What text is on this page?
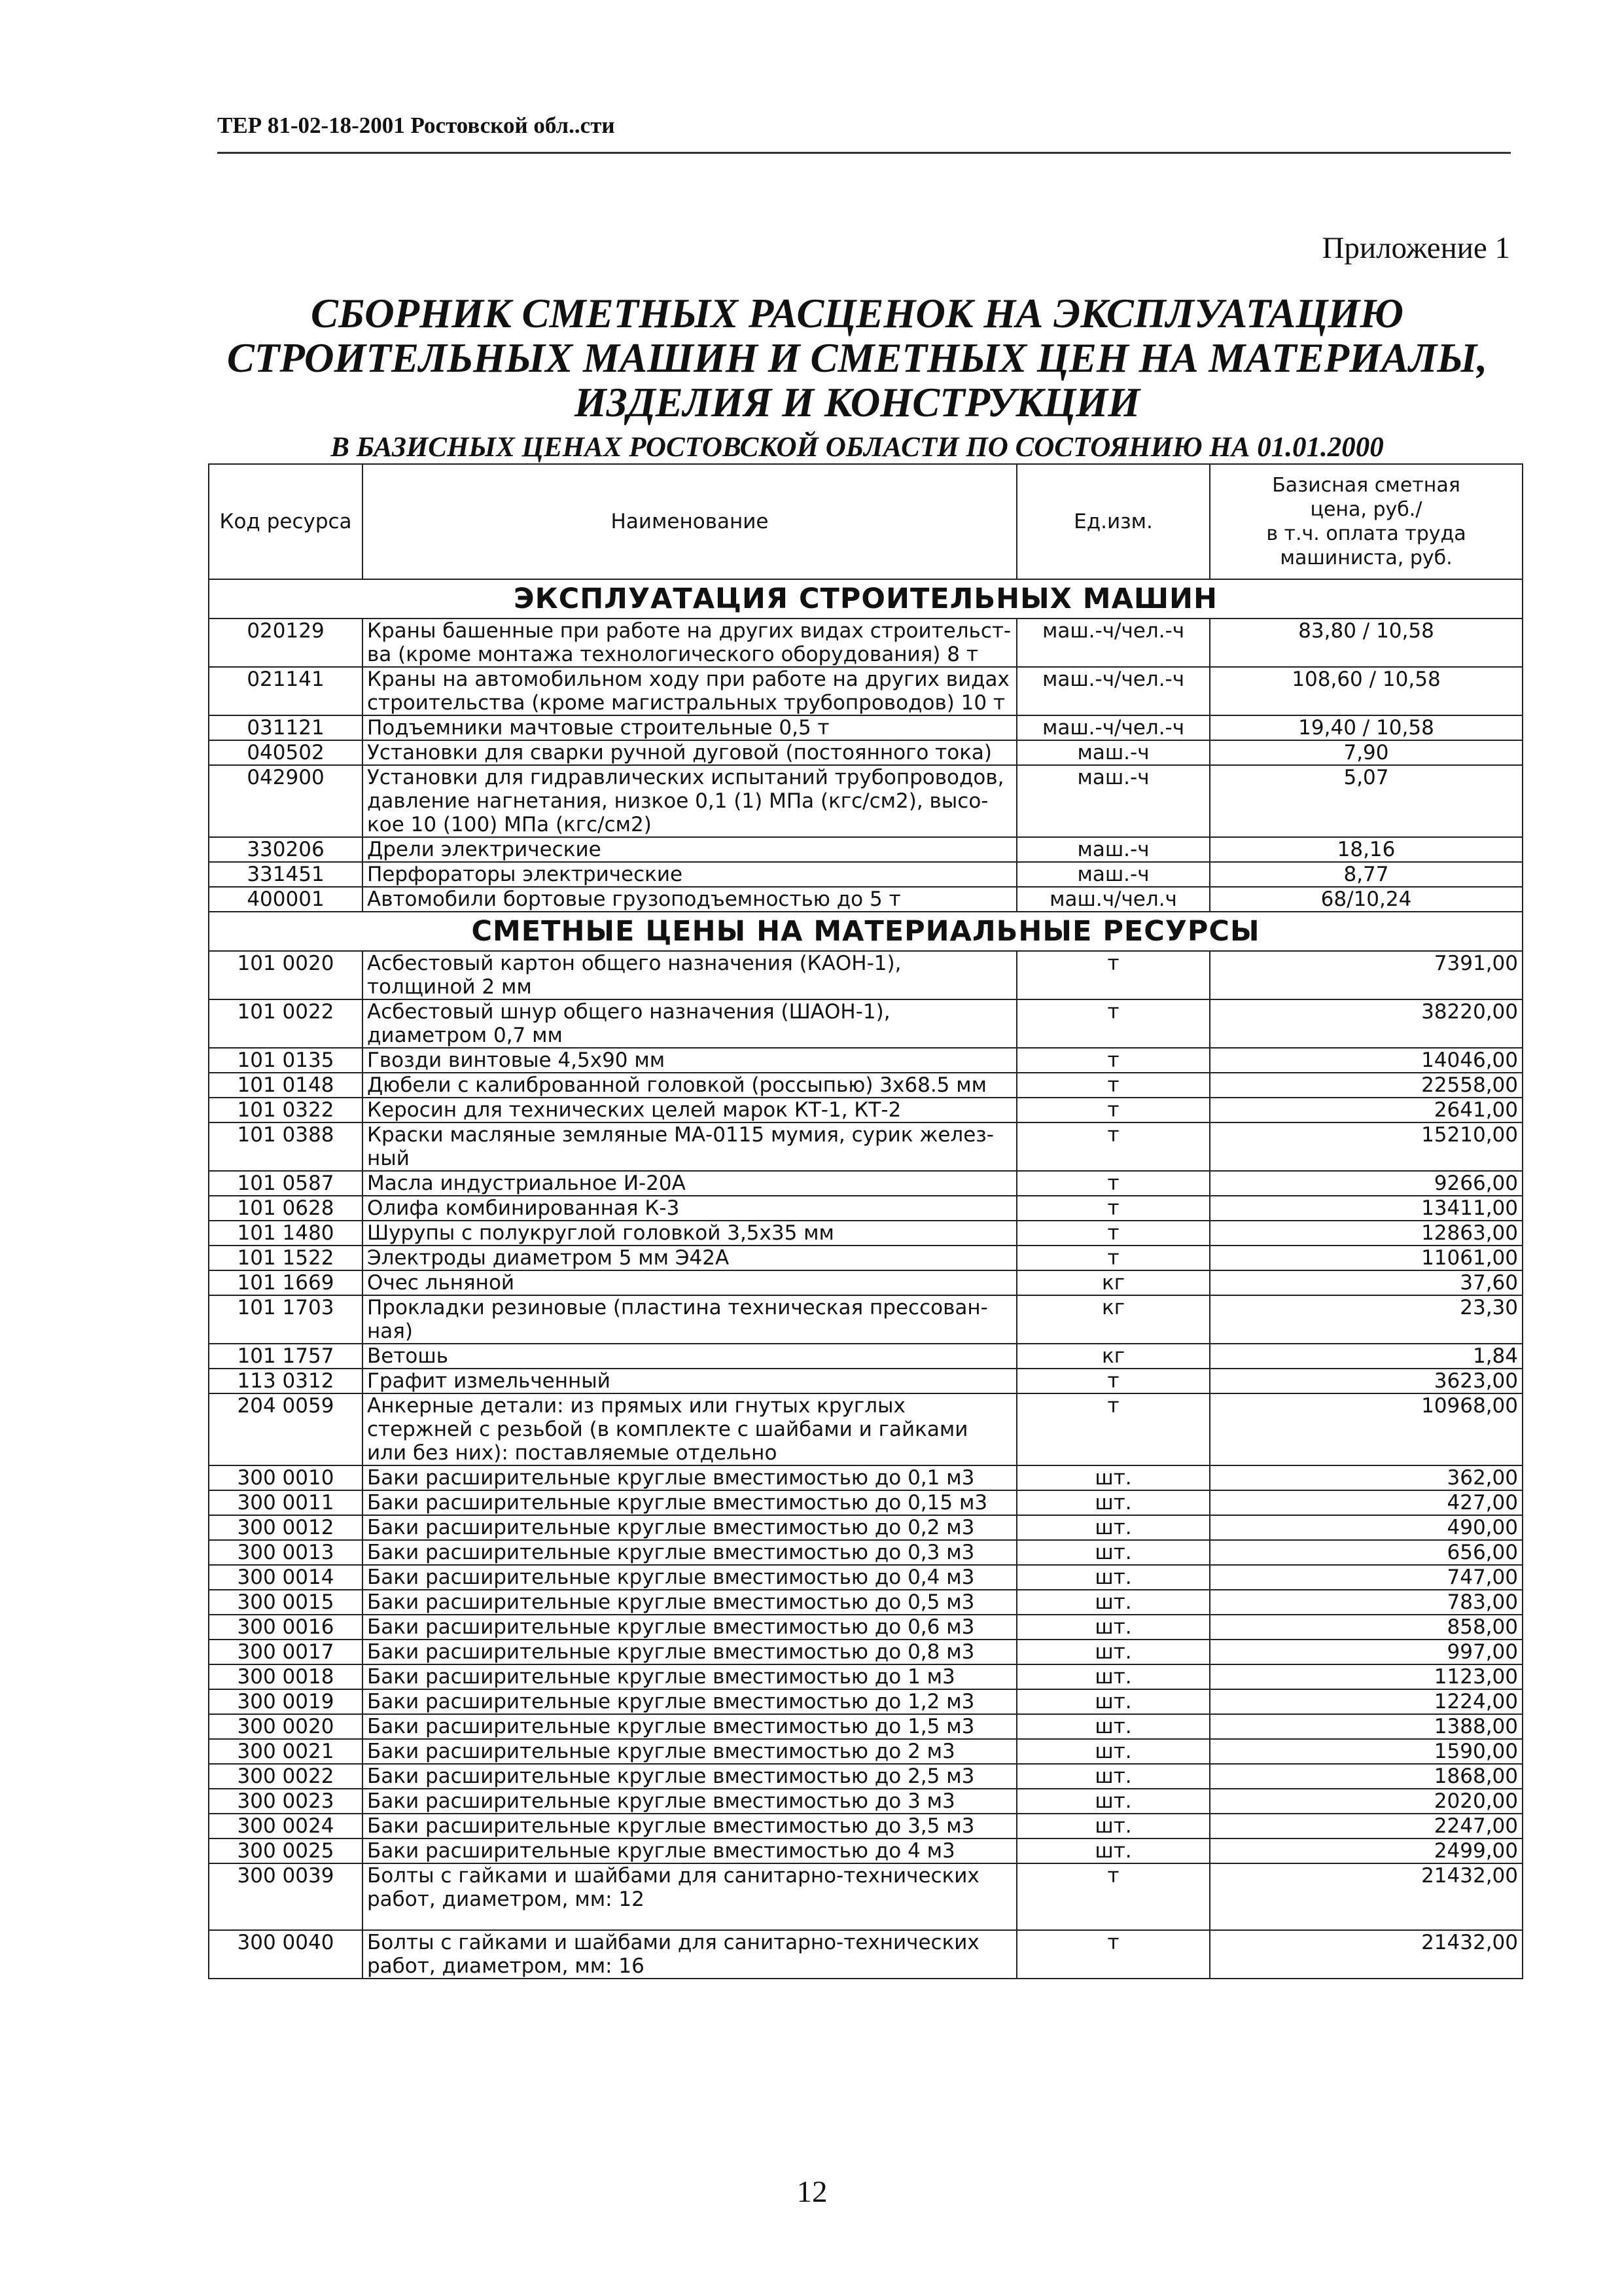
ТЕР 81-02-18-2001 Ростовской обл..сти
Приложение 1
СБОРНИК СМЕТНЫХ РАСЦЕНОК НА ЭКСПЛУАТАЦИЮ
СТРОИТЕЛЬНЫХ МАШИН И СМЕТНЫХ ЦЕН НА МАТЕРИАЛЫ,
ИЗДЕЛИЯ И КОНСТРУКЦИИ
В БАЗИСНЫХ ЦЕНАХ РОСТОВСКОЙ ОБЛАСТИ ПО СОСТОЯНИЮ НА 01.01.2000
Код ресурса	Наименование	Ед.изм.	Базисная сметная
цена, руб./
в т.ч. оплата труда
машиниста, руб.

ЭКСПЛУАТАЦИЯ СТРОИТЕЛЬНЫХ МАШИН			
020129	Краны башенные при работе на других видах строительст-ва (кроме монтажа технологического оборудования) 8 т	маш.-ч/чел.-ч	83,80 / 10,58
021141	Краны на автомобильном ходу при работе на других видах строительства (кроме магистральных трубопроводов) 10 т	маш.-ч/чел.-ч	108,60 / 10,58
031121	Подъемники мачтовые строительные 0,5 т	маш.-ч/чел.-ч	19,40 / 10,58
040502	Установки для сварки ручной дуговой (постоянного тока)	маш.-ч	7,90
042900	Установки для гидравлических испытаний трубопроводов, давление нагнетания, низкое 0,1 (1) МПа (кгс/см2), высо-кое 10 (100) МПа (кгс/см2)	маш.-ч	5,07
330206	Дрели электрические	маш.-ч	18,16
331451	Перфораторы электрические	маш.-ч	8,77
400001	Автомобили бортовые грузоподъемностью до 5 т	маш.ч/чел.ч	68/10,24
СМЕТНЫЕ ЦЕНЫ НА МАТЕРИАЛЬНЫЕ РЕСУРСЫ			
101 0020	Асбестовый картон общего назначения (КАОН-1), толщиной 2 мм	т	7391,00
101 0022	Асбестовый шнур общего назначения (ШАОН-1), диаметром 0,7 мм	т	38220,00
101 0135	Гвозди винтовые 4,5х90 мм	т	14046,00
101 0148	Дюбели с калиброванной головкой (россыпью) 3х68.5 мм	т	22558,00
101 0322	Керосин для технических целей марок КТ-1, КТ-2	т	2641,00
101 0388	Краски масляные земляные МА-0115 мумия, сурик желез-ный	т	15210,00
101 0587	Масла индустриальное И-20А	т	9266,00
101 0628	Олифа комбинированная К-3	т	13411,00
101 1480	Шурупы с полукруглой головкой 3,5х35 мм	т	12863,00
101 1522	Электроды диаметром 5 мм Э42А	т	11061,00
101 1669	Очес льняной	кг	37,60
101 1703	Прокладки резиновые (пластина техническая прессован-ная)	кг	23,30
101 1757	Ветошь	кг	1,84
113 0312	Графит измельченный	т	3623,00
204 0059	Анкерные детали: из прямых или гнутых круглых стержней с резьбой (в комплекте с шайбами и гайками или без них): поставляемые отдельно	т	10968,00
300 0010	Баки расширительные круглые вместимостью до 0,1 м3	шт.	362,00
300 0011	Баки расширительные круглые вместимостью до 0,15 м3	шт.	427,00
300 0012	Баки расширительные круглые вместимостью до 0,2 м3	шт.	490,00
300 0013	Баки расширительные круглые вместимостью до 0,3 м3	шт.	656,00
300 0014	Баки расширительные круглые вместимостью до 0,4 м3	шт.	747,00
300 0015	Баки расширительные круглые вместимостью до 0,5 м3	шт.	783,00
300 0016	Баки расширительные круглые вместимостью до 0,6 м3	шт.	858,00
300 0017	Баки расширительные круглые вместимостью до 0,8 м3	шт.	997,00
300 0018	Баки расширительные круглые вместимостью до 1 м3	шт.	1123,00
300 0019	Баки расширительные круглые вместимостью до 1,2 м3	шт.	1224,00
300 0020	Баки расширительные круглые вместимостью до 1,5 м3	шт.	1388,00
300 0021	Баки расширительные круглые вместимостью до 2 м3	шт.	1590,00
300 0022	Баки расширительные круглые вместимостью до 2,5 м3	шт.	1868,00
300 0023	Баки расширительные круглые вместимостью до 3 м3	шт.	2020,00
300 0024	Баки расширительные круглые вместимостью до 3,5 м3	шт.	2247,00
300 0025	Баки расширительные круглые вместимостью до 4 м3	шт.	2499,00
300 0039	Болты с гайками и шайбами для санитарно-технических работ, диаметром, мм: 12	т	21432,00
300 0040	Болты с гайками и шайбами для санитарно-технических работ, диаметром, мм: 16	т	21432,00
12
